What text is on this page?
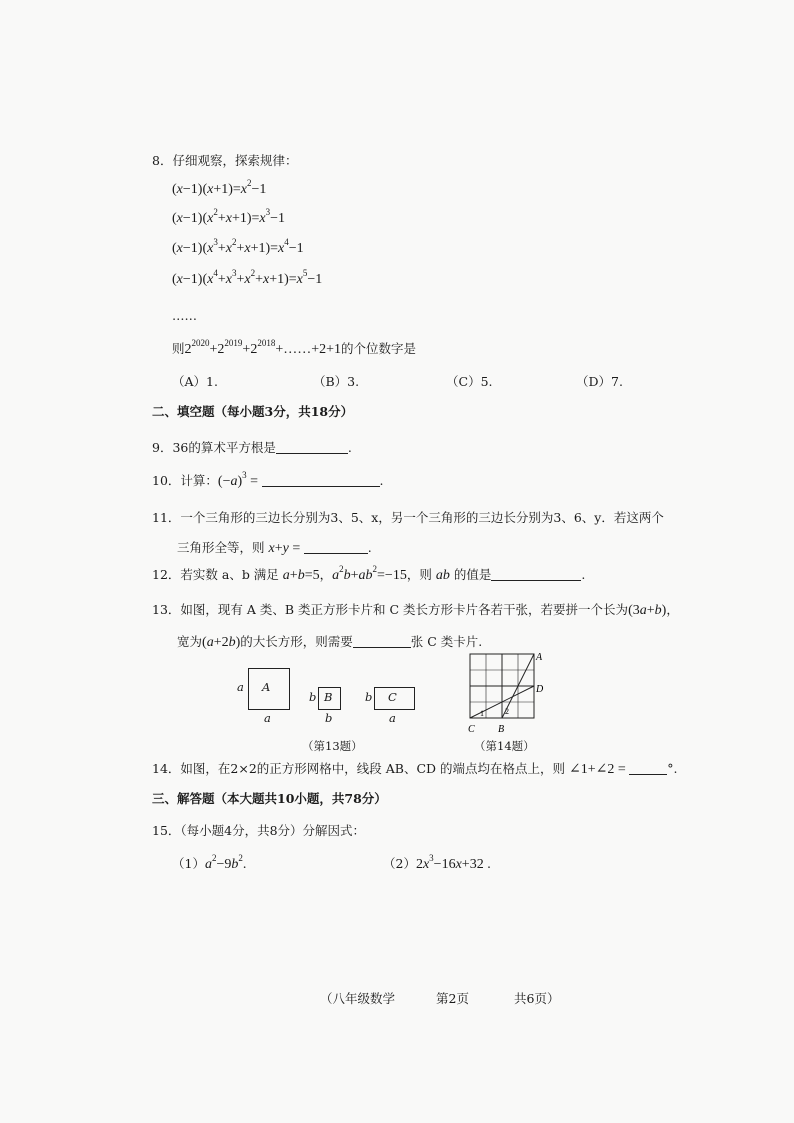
8．仔细观察，探索规律：
$(x-1)(x+1)=x^2-1$
$(x-1)(x^2+x+1)=x^3-1$
$(x-1)(x^3+x^2+x+1)=x^4-1$
$(x-1)(x^4+x^3+x^2+x+1)=x^5-1$
……
则$2^{2020}+2^{2019}+2^{2018}+\dots\dots+2+1$的个位数字是
（A）1.	（B）3.	（C）5.	（D）7.
二、填空题（每小题3分，共18分）
9．36的算术平方根是	.
10．计算：$(-a)^3$ =	.
11．一个三角形的三边长分别为3、5、x，另一个三角形的三边长分别为3、6、y．若这两个
三角形全等，则 x+y =	.
12．若实数 a、b 满足 a+b=5，$a^2b+ab^2=-15$，则 ab 的值是	.
13．如图，现有 A 类、B 类正方形卡片和 C 类长方形卡片各若干张，若要拼一个长为(3a+b)，
宽为(a+2b)的大长方形，则需要	张 C 类卡片.
A
a
a
B
b
b
C
b
a
（第13题）
A
D
C B
1	2
（第14题）
14．如图，在2×2的正方形网格中，线段 AB、CD 的端点均在格点上，则 ∠1+∠2 =	°.
三、解答题（本大题共10小题，共78分）
15．（每小题4分，共8分）分解因式：
$(1)a^2-9b^2$.	$(2)2x^3-16x+32$ .
（八年级数学	第2页	共6页）
